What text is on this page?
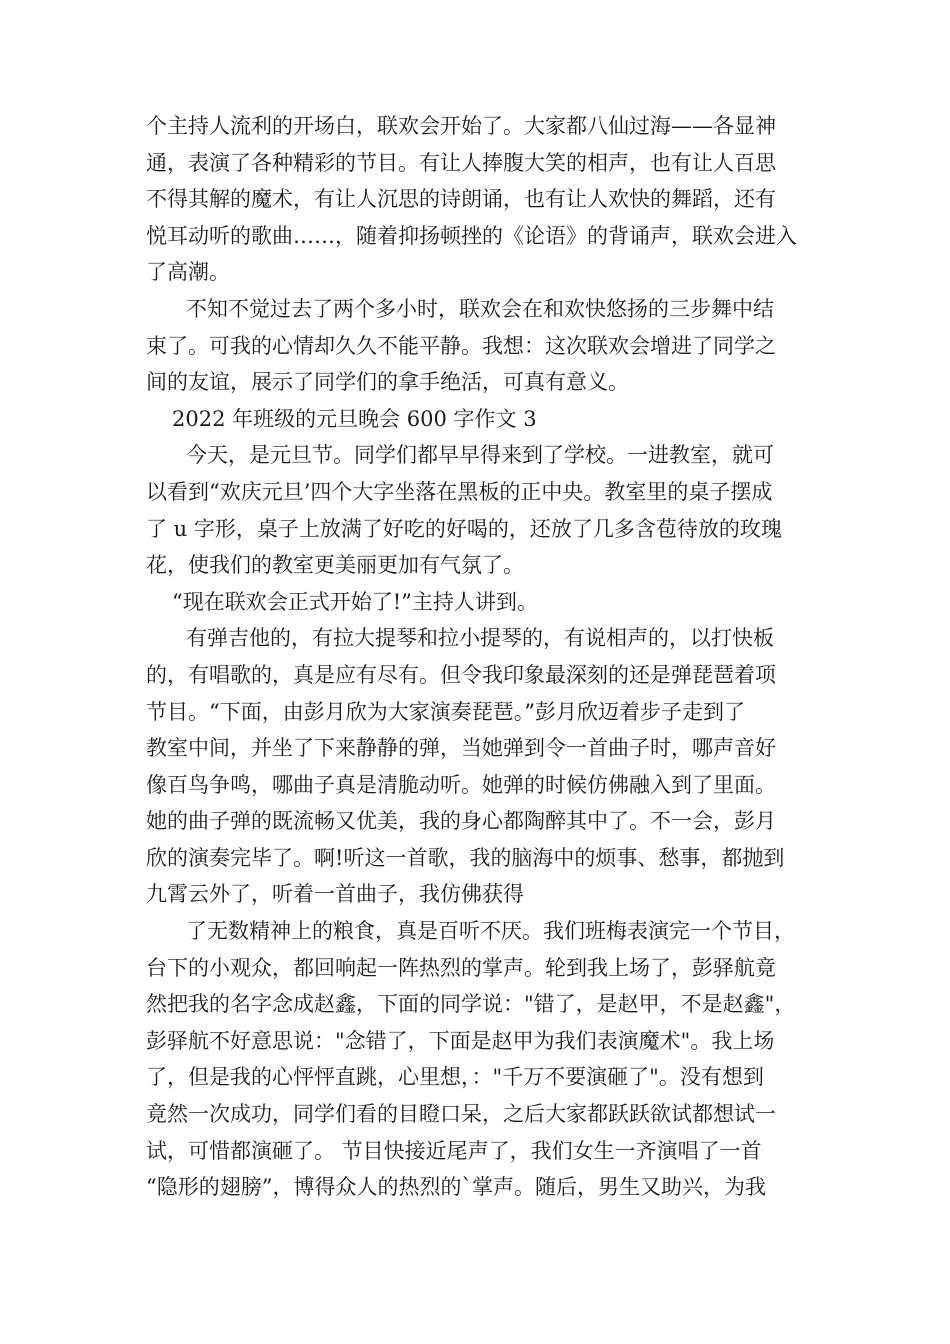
个主持人流利的开场白，联欢会开始了。大家都八仙过海——各显神
通，表演了各种精彩的节目。有让人捧腹大笑的相声，也有让人百思
不得其解的魔术，有让人沉思的诗朗诵，也有让人欢快的舞蹈，还有
悦耳动听的歌曲……，随着抑扬顿挫的《论语》的背诵声，联欢会进入
了高潮。
不知不觉过去了两个多小时，联欢会在和欢快悠扬的三步舞中结
束了。可我的心情却久久不能平静。我想：这次联欢会增进了同学之
间的友谊，展示了同学们的拿手绝活，可真有意义。
2022 年班级的元旦晚会 600 字作文 3
今天，是元旦节。同学们都早早得来到了学校。一进教室，就可
以看到“欢庆元旦’四个大字坐落在黑板的正中央。教室里的桌子摆成
了 u 字形，桌子上放满了好吃的好喝的，还放了几多含苞待放的玫瑰
花，使我们的教室更美丽更加有气氛了。
“现在联欢会正式开始了!”主持人讲到。
有弹吉他的，有拉大提琴和拉小提琴的，有说相声的，以打快板
的，有唱歌的，真是应有尽有。但令我印象最深刻的还是弹琵琶着项
节目。“下面，由彭月欣为大家演奏琵琶。”彭月欣迈着步子走到了
教室中间，并坐了下来静静的弹，当她弹到令一首曲子时，哪声音好
像百鸟争鸣，哪曲子真是清脆动听。她弹的时候仿佛融入到了里面。
她的曲子弹的既流畅又优美，我的身心都陶醉其中了。不一会，彭月
欣的演奏完毕了。啊!听这一首歌，我的脑海中的烦事、愁事，都抛到
九霄云外了，听着一首曲子，我仿佛获得
了无数精神上的粮食，真是百听不厌。我们班梅表演完一个节目，
台下的小观众，都回响起一阵热烈的掌声。轮到我上场了，彭驿航竟
然把我的名字念成赵鑫，下面的同学说："错了，是赵甲，不是赵鑫"，
彭驿航不好意思说："念错了，下面是赵甲为我们表演魔术"。我上场
了，但是我的心怦怦直跳，心里想，："千万不要演砸了"。没有想到
竟然一次成功，同学们看的目瞪口呆，之后大家都跃跃欲试都想试一
试，可惜都演砸了。 节目快接近尾声了，我们女生一齐演唱了一首
“隐形的翅膀”，博得众人的热烈的`掌声。随后，男生又助兴，为我
